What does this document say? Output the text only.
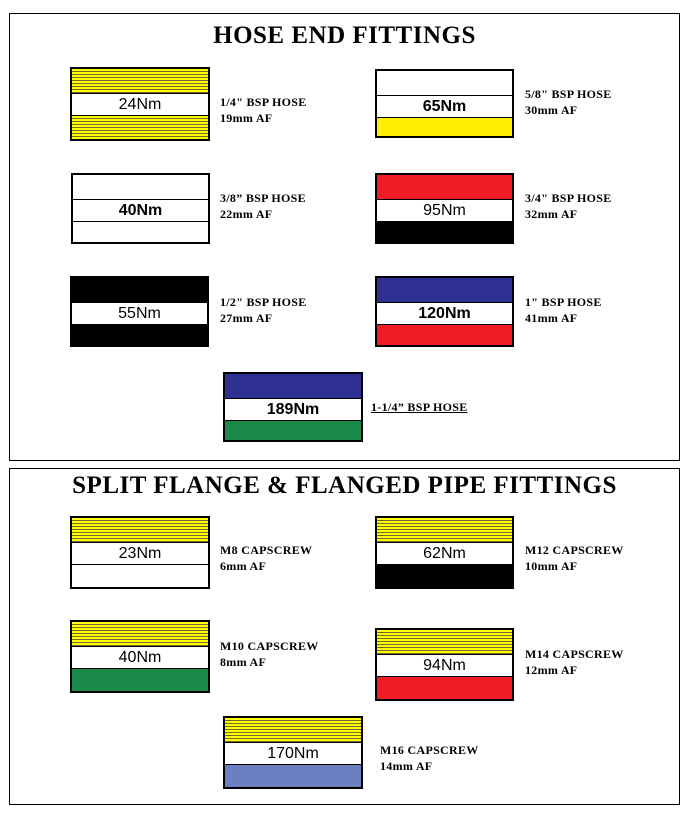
HOSE END FITTINGS
SPLIT FLANGE & FLANGED PIPE FITTINGS
24Nm	1/4" BSP HOSE
19mm AF
65Nm
5/8" BSP HOSE
30mm AF
40Nm
3/8” BSP HOSE
22mm AF	95Nm
3/4" BSP HOSE
32mm AF
55Nm
1/2" BSP HOSE
27mm AF	120Nm
1" BSP HOSE
41mm AF
189Nm	1-1/4” BSP HOSE
23Nm	M8 CAPSCREW
6mm AF
62Nm	M12 CAPSCREW
10mm AF
40Nm
M10 CAPSCREW
8mm AF	94Nm
M14 CAPSCREW
12mm AF
170Nm	M16 CAPSCREW
14mm AF
